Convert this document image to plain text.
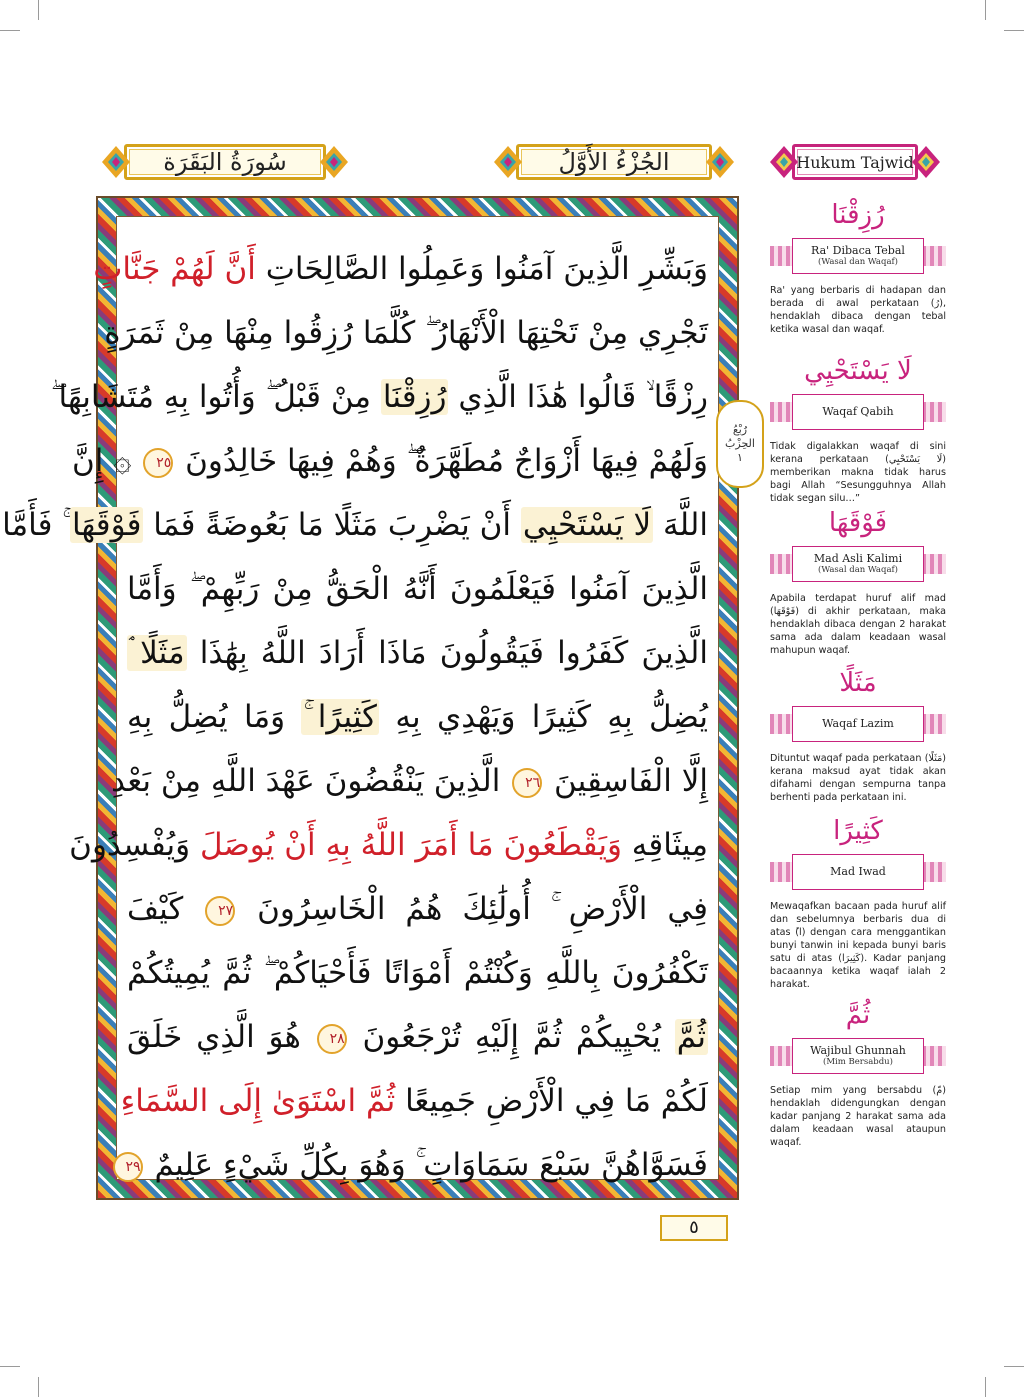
سُورَةُ البَقَرَة	الجُزْءُ الأَوَّلُ	Hukum Tajwid
وَبَشِّرِ الَّذِينَ آمَنُوا وَعَمِلُوا الصَّالِحَاتِ أَنَّ لَهُمْ جَنَّاتٍ
تَجْرِي مِنْ تَحْتِهَا الْأَنْهَارُ ۖ كُلَّمَا رُزِقُوا مِنْهَا مِنْ ثَمَرَةٍ
رِزْقًا ۙ قَالُوا هَٰذَا الَّذِي رُزِقْنَا مِنْ قَبْلُ ۖ وَأُتُوا بِهِ مُتَشَابِهًا ۖ
وَلَهُمْ فِيهَا أَزْوَاجٌ مُطَهَّرَةٌ ۖ وَهُمْ فِيهَا خَالِدُونَ ٢٥ ۞ إِنَّ
اللَّهَ لَا يَسْتَحْيِي أَنْ يَضْرِبَ مَثَلًا مَا بَعُوضَةً فَمَا فَوْقَهَا ۚ فَأَمَّا
الَّذِينَ آمَنُوا فَيَعْلَمُونَ أَنَّهُ الْحَقُّ مِنْ رَبِّهِمْ ۖ وَأَمَّا
الَّذِينَ كَفَرُوا فَيَقُولُونَ مَاذَا أَرَادَ اللَّهُ بِهَٰذَا مَثَلًا ۘ
يُضِلُّ بِهِ كَثِيرًا وَيَهْدِي بِهِ كَثِيرًا ۚ وَمَا يُضِلُّ بِهِ
إِلَّا الْفَاسِقِينَ ٢٦ الَّذِينَ يَنْقُضُونَ عَهْدَ اللَّهِ مِنْ بَعْدِ
مِيثَاقِهِ وَيَقْطَعُونَ مَا أَمَرَ اللَّهُ بِهِ أَنْ يُوصَلَ وَيُفْسِدُونَ
فِي الْأَرْضِ ۚ أُولَٰئِكَ هُمُ الْخَاسِرُونَ ٢٧ كَيْفَ
تَكْفُرُونَ بِاللَّهِ وَكُنْتُمْ أَمْوَاتًا فَأَحْيَاكُمْ ۖ ثُمَّ يُمِيتُكُمْ
ثُمَّ يُحْيِيكُمْ ثُمَّ إِلَيْهِ تُرْجَعُونَ ٢٨ هُوَ الَّذِي خَلَقَ
لَكُمْ مَا فِي الْأَرْضِ جَمِيعًا ثُمَّ اسْتَوَىٰ إِلَى السَّمَاءِ
فَسَوَّاهُنَّ سَبْعَ سَمَاوَاتٍ ۚ وَهُوَ بِكُلِّ شَيْءٍ عَلِيمٌ ٢٩
رُبْعُ
الحِزْبُ
١
٥
رُزِقْنَا
Ra' Dibaca Tebal
(Wasal dan Waqaf)
Ra' yang berbaris di hadapan dan berada di awal perkataan (رُ), hendaklah dibaca dengan tebal ketika wasal dan waqaf.
لَا يَسْتَحْيِي
Waqaf Qabih
Tidak digalakkan waqaf di sini kerana perkataan (لَا يَسْتَحْيِي) memberikan makna tidak harus bagi Allah “Sesungguhnya Allah tidak segan silu…”
فَوْقَهَا
Mad Asli Kalimi
(Wasal dan Waqaf)
Apabila terdapat huruf alif mad (فَوْقَهَا) di akhir perkataan, maka hendaklah dibaca dengan 2 harakat sama ada dalam keadaan wasal mahupun waqaf.
مَثَلًا
Waqaf Lazim
Dituntut waqaf pada perkataan (مَثَلًا) kerana maksud ayat tidak akan difahami dengan sempurna tanpa berhenti pada perkataan ini.
كَثِيرًا
Mad Iwad
Mewaqafkan bacaan pada huruf alif dan sebelumnya berbaris dua di atas (ًا) dengan cara menggantikan bunyi tanwin ini kepada bunyi baris satu di atas (كَثِيرَا). Kadar panjang bacaannya ketika waqaf ialah 2 harakat.
ثُمَّ
Wajibul Ghunnah
(Mim Bersabdu)
Setiap mim yang bersabdu (مّ) hendaklah didengungkan dengan kadar panjang 2 harakat sama ada dalam keadaan wasal ataupun waqaf.
